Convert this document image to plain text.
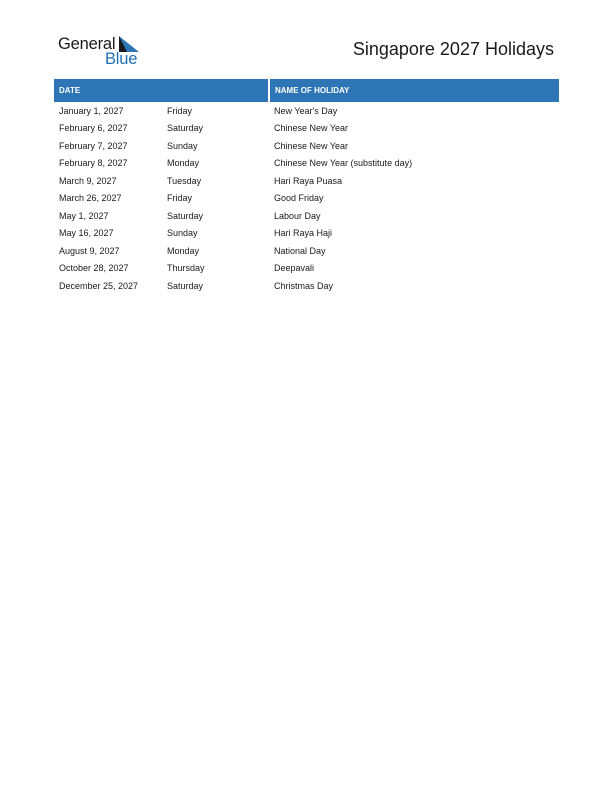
General
Blue	Singapore 2027 Holidays
DATE		NAME OF HOLIDAY
January 1, 2027	Friday	New Year's Day
February 6, 2027	Saturday	Chinese New Year
February 7, 2027	Sunday	Chinese New Year
February 8, 2027	Monday	Chinese New Year (substitute day)
March 9, 2027	Tuesday	Hari Raya Puasa
March 26, 2027	Friday	Good Friday
May 1, 2027	Saturday	Labour Day
May 16, 2027	Sunday	Hari Raya Haji
August 9, 2027	Monday	National Day
October 28, 2027	Thursday	Deepavali
December 25, 2027	Saturday	Christmas Day
